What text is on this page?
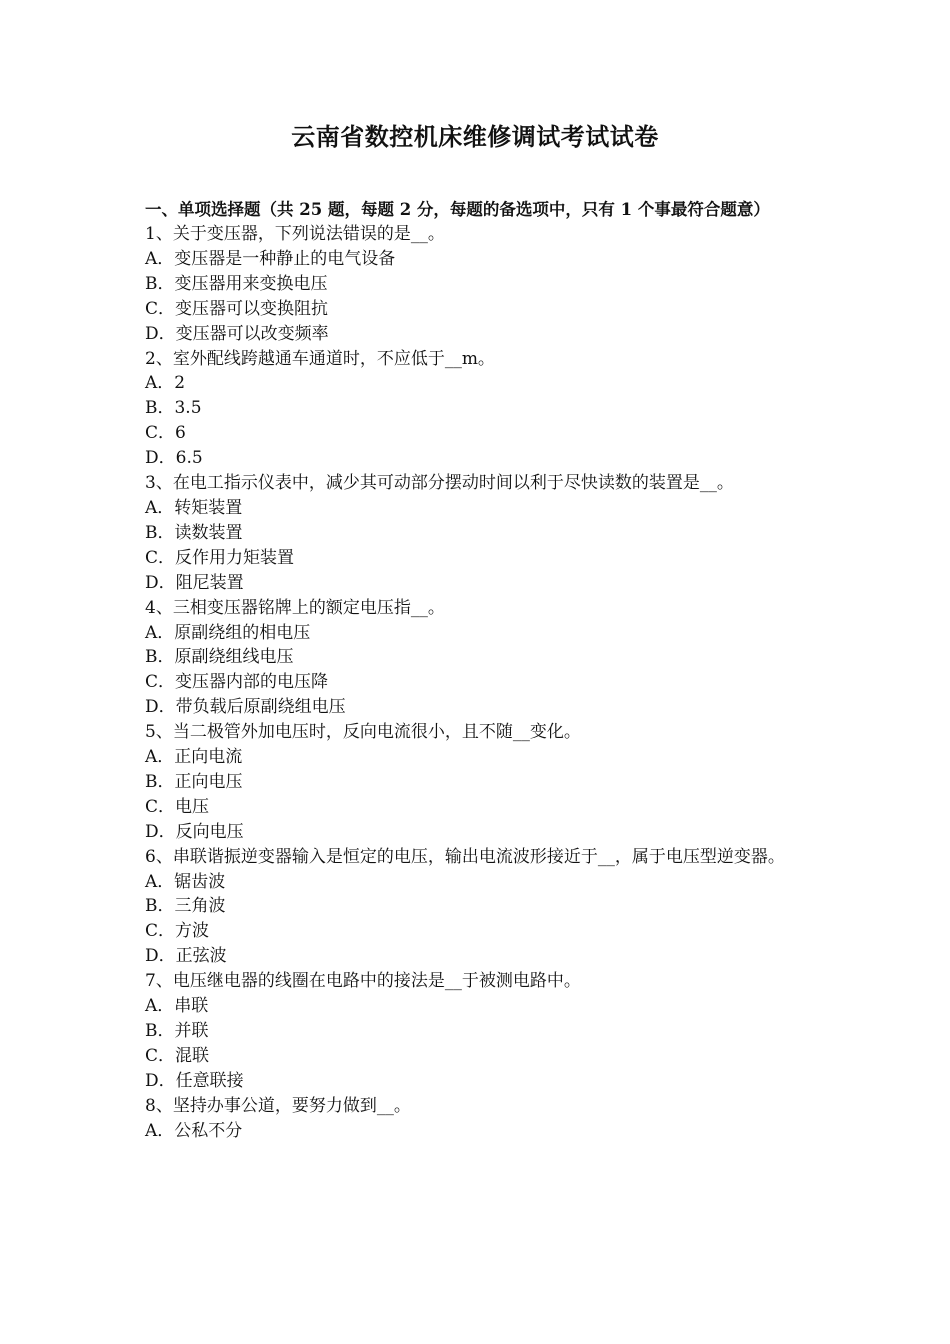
云南省数控机床维修调试考试试卷

一、单项选择题（共 25 题，每题 2 分，每题的备选项中，只有 1 个事最符合题意）

1、关于变压器，下列说法错误的是__。

A．变压器是一种静止的电气设备

B．变压器用来变换电压

C．变压器可以变换阻抗

D．变压器可以改变频率

2、室外配线跨越通车通道时，不应低于__m。

A．2

B．3.5

C．6

D．6.5

3、在电工指示仪表中，减少其可动部分摆动时间以利于尽快读数的装置是__。

A．转矩装置

B．读数装置

C．反作用力矩装置

D．阻尼装置

4、三相变压器铭牌上的额定电压指__。

A．原副绕组的相电压

B．原副绕组线电压

C．变压器内部的电压降

D．带负载后原副绕组电压

5、当二极管外加电压时，反向电流很小，且不随__变化。

A．正向电流

B．正向电压

C．电压

D．反向电压

6、串联谐振逆变器输入是恒定的电压，输出电流波形接近于__，属于电压型逆变器。

A．锯齿波

B．三角波

C．方波

D．正弦波

7、电压继电器的线圈在电路中的接法是__于被测电路中。

A．串联

B．并联

C．混联

D．任意联接

8、坚持办事公道，要努力做到__。

A．公私不分
